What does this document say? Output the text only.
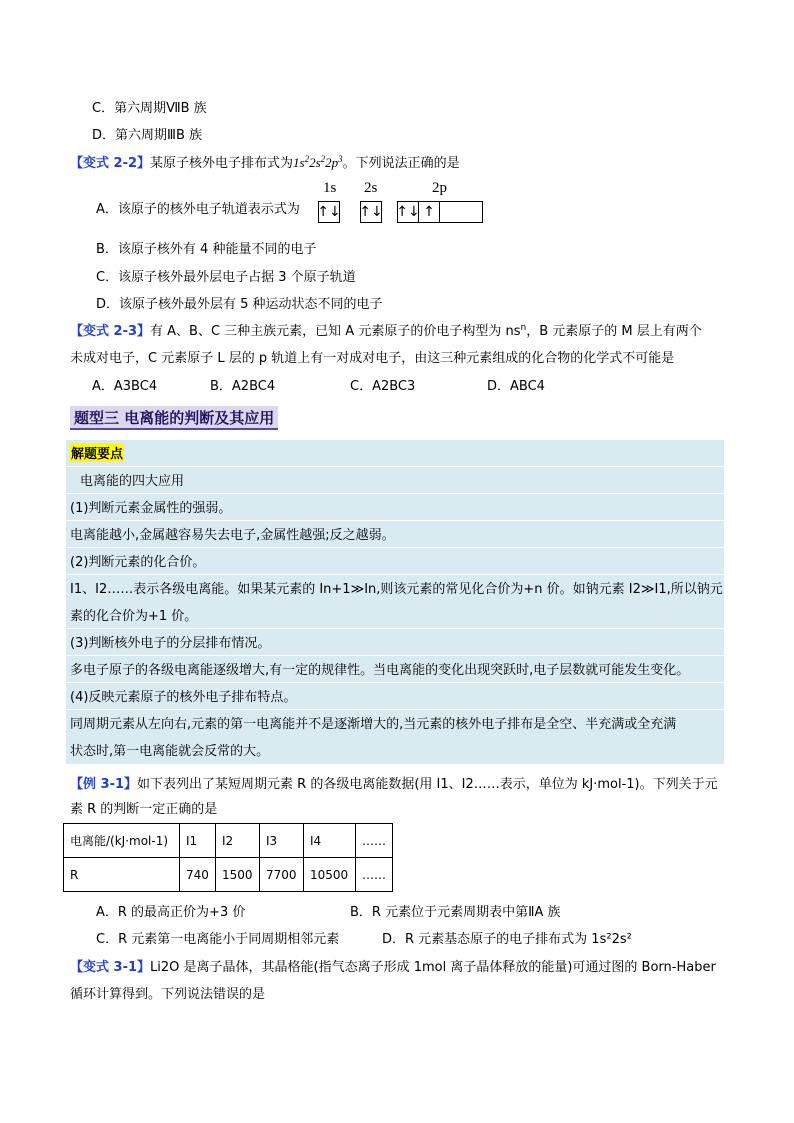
C．第六周期ⅦB 族
D．第六周期ⅢB 族
【变式 2-2】某原子核外电子排布式为$1s^22s^22p^3$。下列说法正确的是
A．该原子的核外电子轨道表示式为
1s 2s	2p
↑↓ ↑↓ ↑↓ ↑
B．该原子核外有 4 种能量不同的电子
C．该原子核外最外层电子占据 3 个原子轨道
D．该原子核外最外层有 5 种运动状态不同的电子
【变式 2-3】有 A、B、C 三种主族元素，已知 A 元素原子的价电子构型为 $ns^n$，B 元素原子的 M 层上有两个
未成对电子，C 元素原子 L 层的 p 轨道上有一对成对电子，由这三种元素组成的化合物的化学式不可能是
A．A3BC4	B．A2BC4	C．A2BC3	D．ABC4
题型三 电离能的判断及其应用
解题要点
电离能的四大应用
(1)判断元素金属性的强弱。
电离能越小,金属越容易失去电子,金属性越强;反之越弱。
(2)判断元素的化合价。
I1、I2……表示各级电离能。如果某元素的 In+1≫In,则该元素的常见化合价为+n 价。如钠元素 I2≫I1,所以钠元
素的化合价为+1 价。
(3)判断核外电子的分层排布情况。
多电子原子的各级电离能逐级增大,有一定的规律性。当电离能的变化出现突跃时,电子层数就可能发生变化。
(4)反映元素原子的核外电子排布特点。
同周期元素从左向右,元素的第一电离能并不是逐渐增大的,当元素的核外电子排布是全空、半充满或全充满
状态时,第一电离能就会反常的大。
【例 3-1】如下表列出了某短周期元素 R 的各级电离能数据(用 I1、I2……表示，单位为 kJ·mol-1)。下列关于元
素 R 的判断一定正确的是
电离能/(kJ·mol-1)	I1	I2	I3	I4	……
R	740	1500	7700	10500	……
A．R 的最高正价为+3 价	B．R 元素位于元素周期表中第ⅡA 族
C．R 元素第一电离能小于同周期相邻元素	D．R 元素基态原子的电子排布式为 1s²2s²
【变式 3-1】Li2O 是离子晶体，其晶格能(指气态离子形成 1mol 离子晶体释放的能量)可通过图的 Born-Haber
循环计算得到。下列说法错误的是
